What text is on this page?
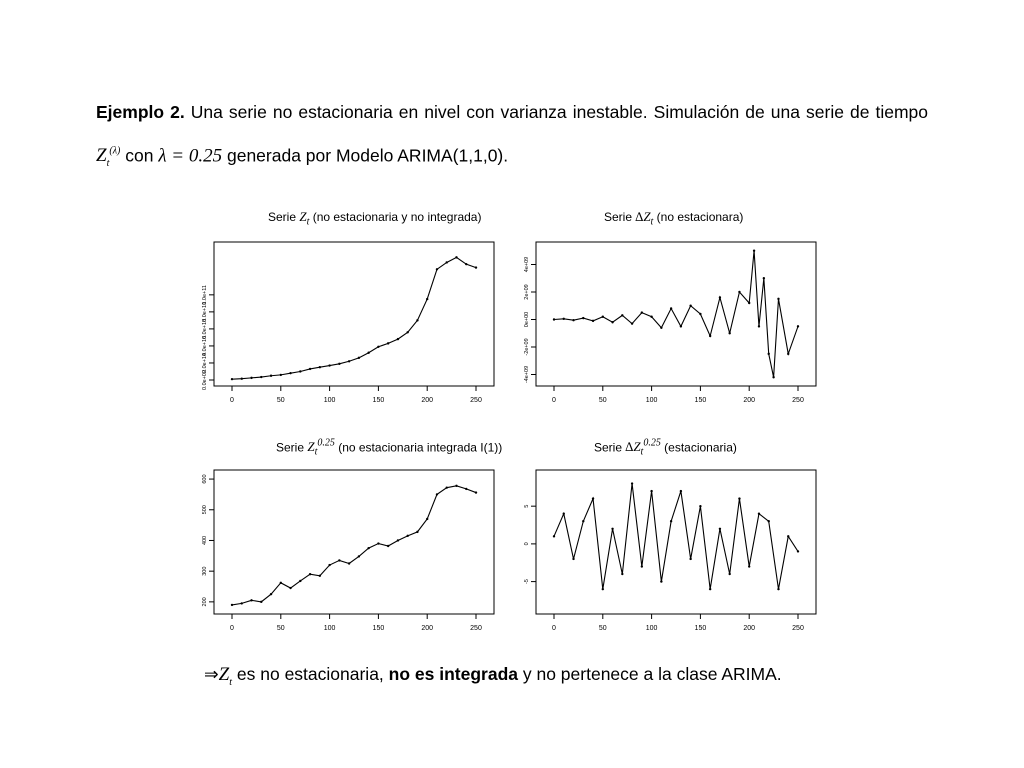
Ejemplo 2. Una serie no estacionaria en nivel con varianza inestable. Simulación de una serie de tiempo $Z_t^{(\lambda)}$ con λ = 0.25 generada por Modelo ARIMA(1,1,0).
Serie $Z_t$ (no estacionaria y no integrada)	Serie $\Delta Z_t$ (no estacionara)
Serie $Z_t^{0.25}$ (no estacionaria integrada I(1))	Serie $\Delta Z_t^{0.25}$ (estacionaria)
0	50	100	150	200	250
0.0e+00
2.0e+10
4.0e+10
6.0e+10
8.0e+10
1.0e+11
0	50	100	150	200	250
-4e+09
-2e+09
0e+00
2e+09
4e+09
0	50	100	150	200	250
200
300
400
500
600
0	50	100	150	200	250
-5
0
5
$\Rightarrow Z_t$ es no estacionaria, no es integrada y no pertenece a la clase ARIMA.
